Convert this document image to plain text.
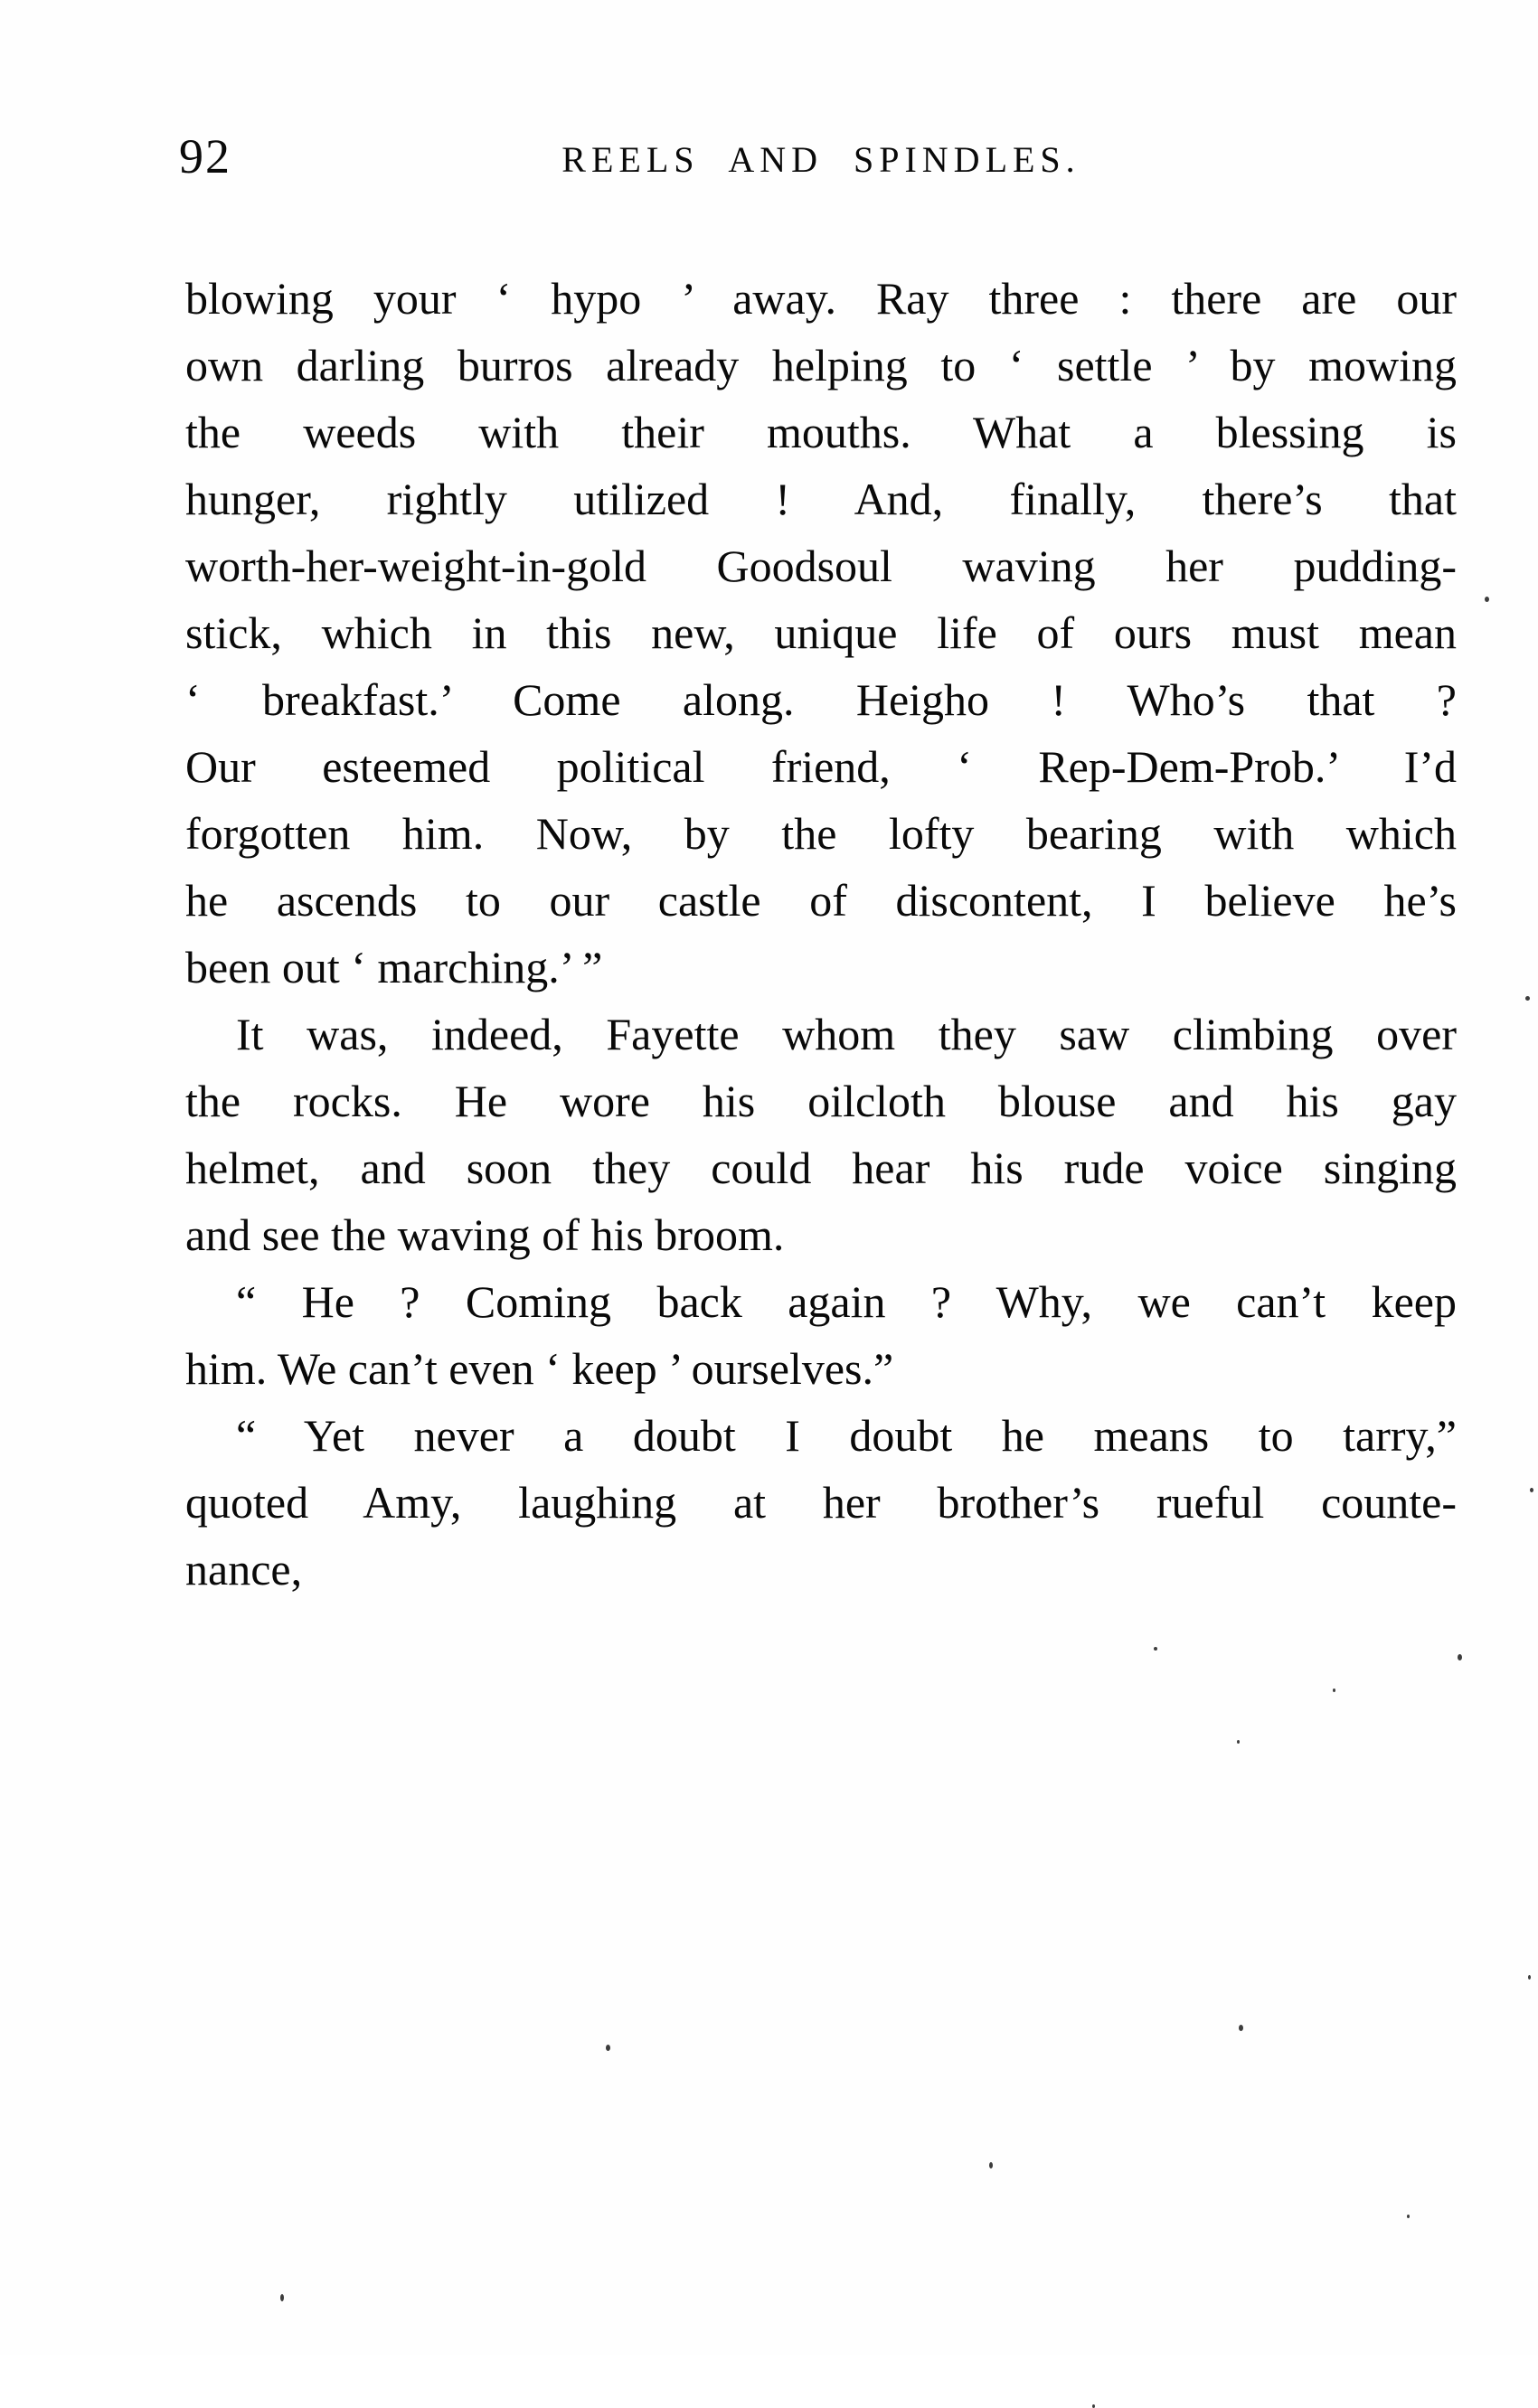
92	REELS AND SPINDLES.
blowing your ‘ hypo ’ away. Ray three : there are our
own darling burros already helping to ‘ settle ’ by mowing
the weeds with their mouths. What a blessing is
hunger, rightly utilized ! And, finally, there’s that
worth-her-weight-in-gold Goodsoul waving her pudding-
stick, which in this new, unique life of ours must mean
‘ breakfast.’ Come along. Heigho ! Who’s that ?
Our esteemed political friend, ‘ Rep-Dem-Prob.’ I’d
forgotten him. Now, by the lofty bearing with which
he ascends to our castle of discontent, I believe he’s
been out ‘ marching.’ ”
It was, indeed, Fayette whom they saw climbing over
the rocks. He wore his oilcloth blouse and his gay
helmet, and soon they could hear his rude voice singing
and see the waving of his broom.
“ He ? Coming back again ? Why, we can’t keep
him. We can’t even ‘ keep ’ ourselves.”
“ Yet never a doubt I doubt he means to tarry,”
quoted Amy, laughing at her brother’s rueful counte-
nance,
